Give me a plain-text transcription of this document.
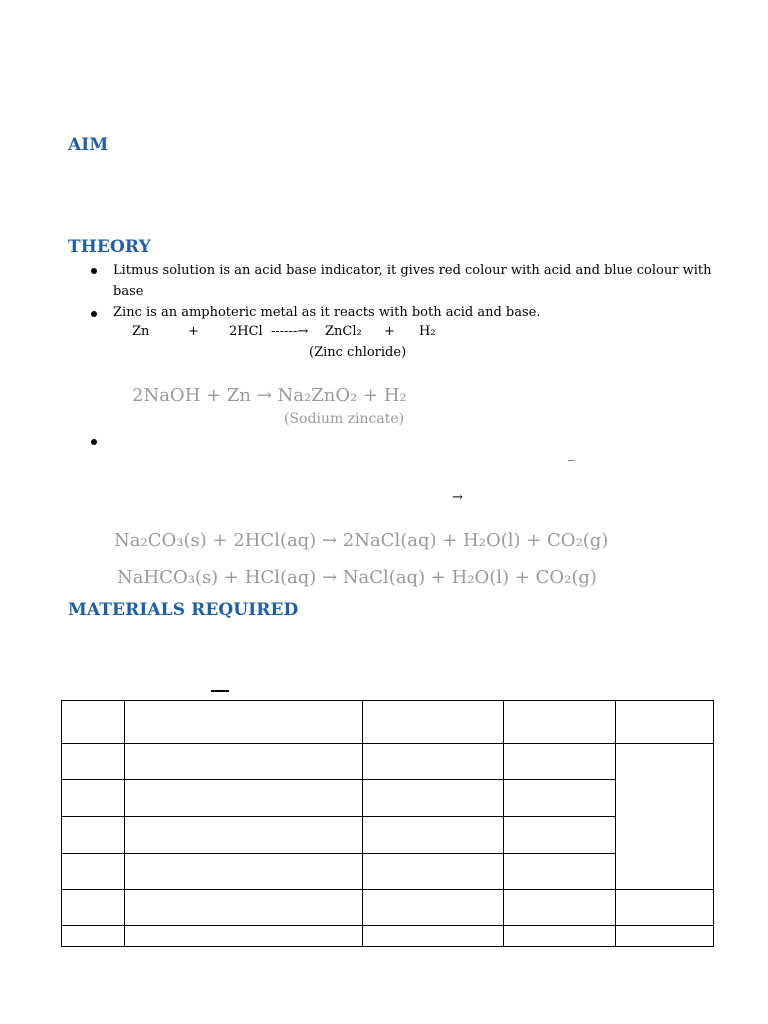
AIM
THEORY
MATERIALS REQUIRED
Litmus solution is an acid base indicator, it gives red colour with acid and blue colour with
base
Zinc is an amphoteric metal as it reacts with both acid and base.
Zn	+ 2HCl ------→ ZnCl₂ + H₂
(Zinc chloride)
2NaOH + Zn → Na₂ZnO₂ + H₂
(Sodium zincate)
_
→
Na₂CO₃(s) + 2HCl(aq) → 2NaCl(aq) + H₂O(l) + CO₂(g)
NaHCO₃(s) + HCl(aq) → NaCl(aq) + H₂O(l) + CO₂(g)
